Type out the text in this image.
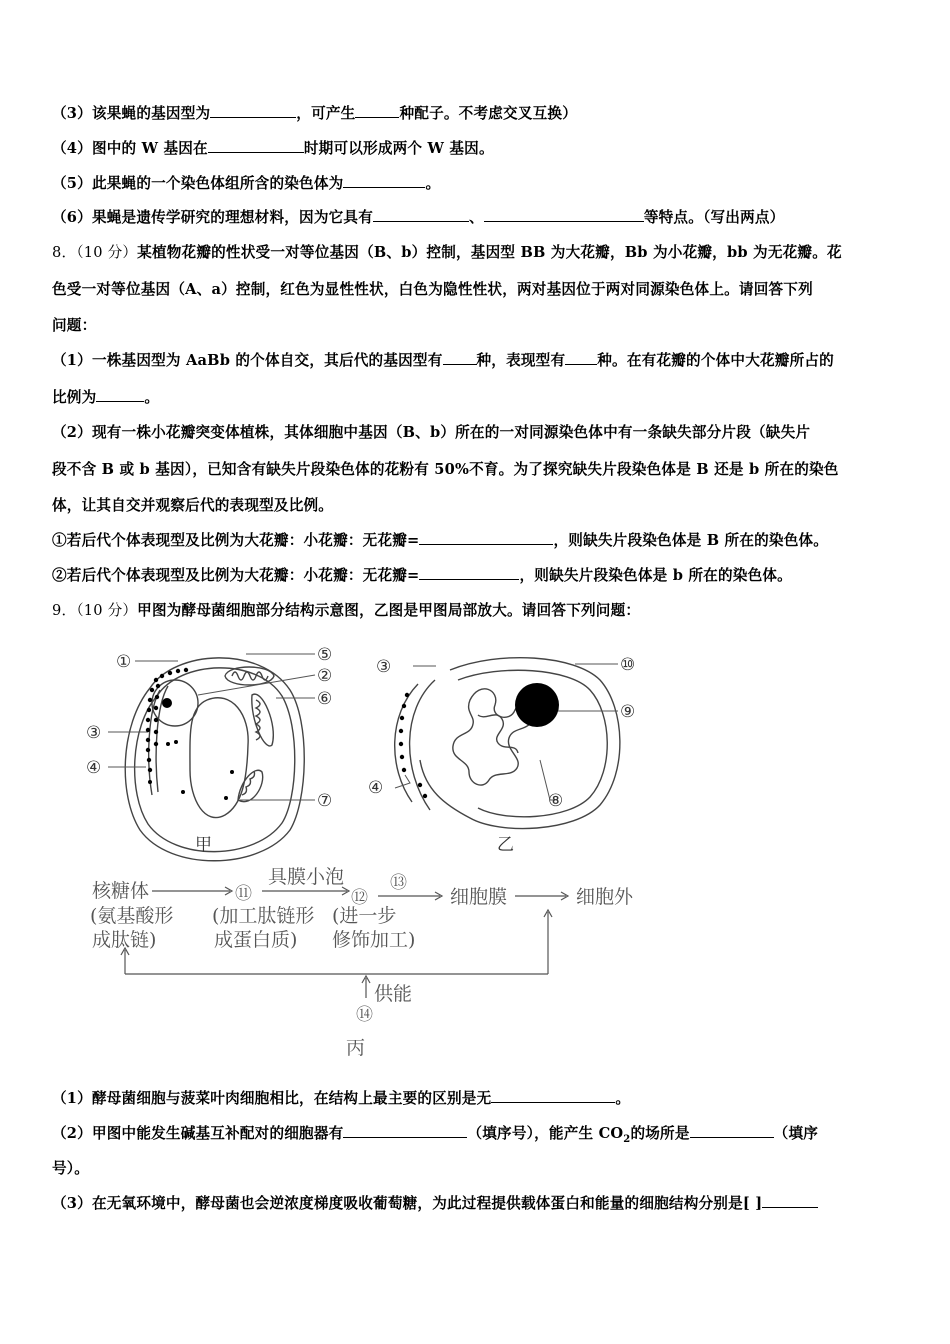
（3）该果蝇的基因型为	，可产生	种配子。不考虑交叉互换）
（4）图中的 W 基因在	时期可以形成两个 W 基因。
（5）此果蝇的一个染色体组所含的染色体为	。
（6）果蝇是遗传学研究的理想材料，因为它具有	、	等特点。（写出两点）
8．（10 分）某植物花瓣的性状受一对等位基因（B、b）控制，基因型 BB 为大花瓣，Bb 为小花瓣，bb 为无花瓣。花
色受一对等位基因（A、a）控制，红色为显性性状，白色为隐性性状，两对基因位于两对同源染色体上。请回答下列
问题：
（1）一株基因型为 AaBb 的个体自交，其后代的基因型有 种，表现型有 种。在有花瓣的个体中大花瓣所占的
比例为	。
（2）现有一株小花瓣突变体植株，其体细胞中基因（B、b）所在的一对同源染色体中有一条缺失部分片段（缺失片
段不含 B 或 b 基因），已知含有缺失片段染色体的花粉有 50%不育。为了探究缺失片段染色体是 B 还是 b 所在的染色
体，让其自交并观察后代的表现型及比例。
①若后代个体表现型及比例为大花瓣：小花瓣：无花瓣=	，则缺失片段染色体是 B 所在的染色体。
②若后代个体表现型及比例为大花瓣：小花瓣：无花瓣=	，则缺失片段染色体是 b 所在的染色体。
9．（10 分）甲图为酵母菌细胞部分结构示意图，乙图是甲图局部放大。请回答下列问题：
①	⑤
②
⑥
③
④
⑦
甲
③	⑩
⑨
④
⑧
乙
核糖体
(氨基酸形
成肽链)
⑪
(加工肽链形
成蛋白质)
具膜小泡
⑫
⑬
(进一步
修饰加工)
细胞膜	细胞外
供能
⑭
丙
（1）酵母菌细胞与菠菜叶肉细胞相比，在结构上最主要的区别是无	。
（2）甲图中能发生碱基互补配对的细胞器有	（填序号），能产生 $CO_2$的场所是	（填序
号）。
（3）在无氧环境中，酵母菌也会逆浓度梯度吸收葡萄糖，为此过程提供载体蛋白和能量的细胞结构分别是[ ]
